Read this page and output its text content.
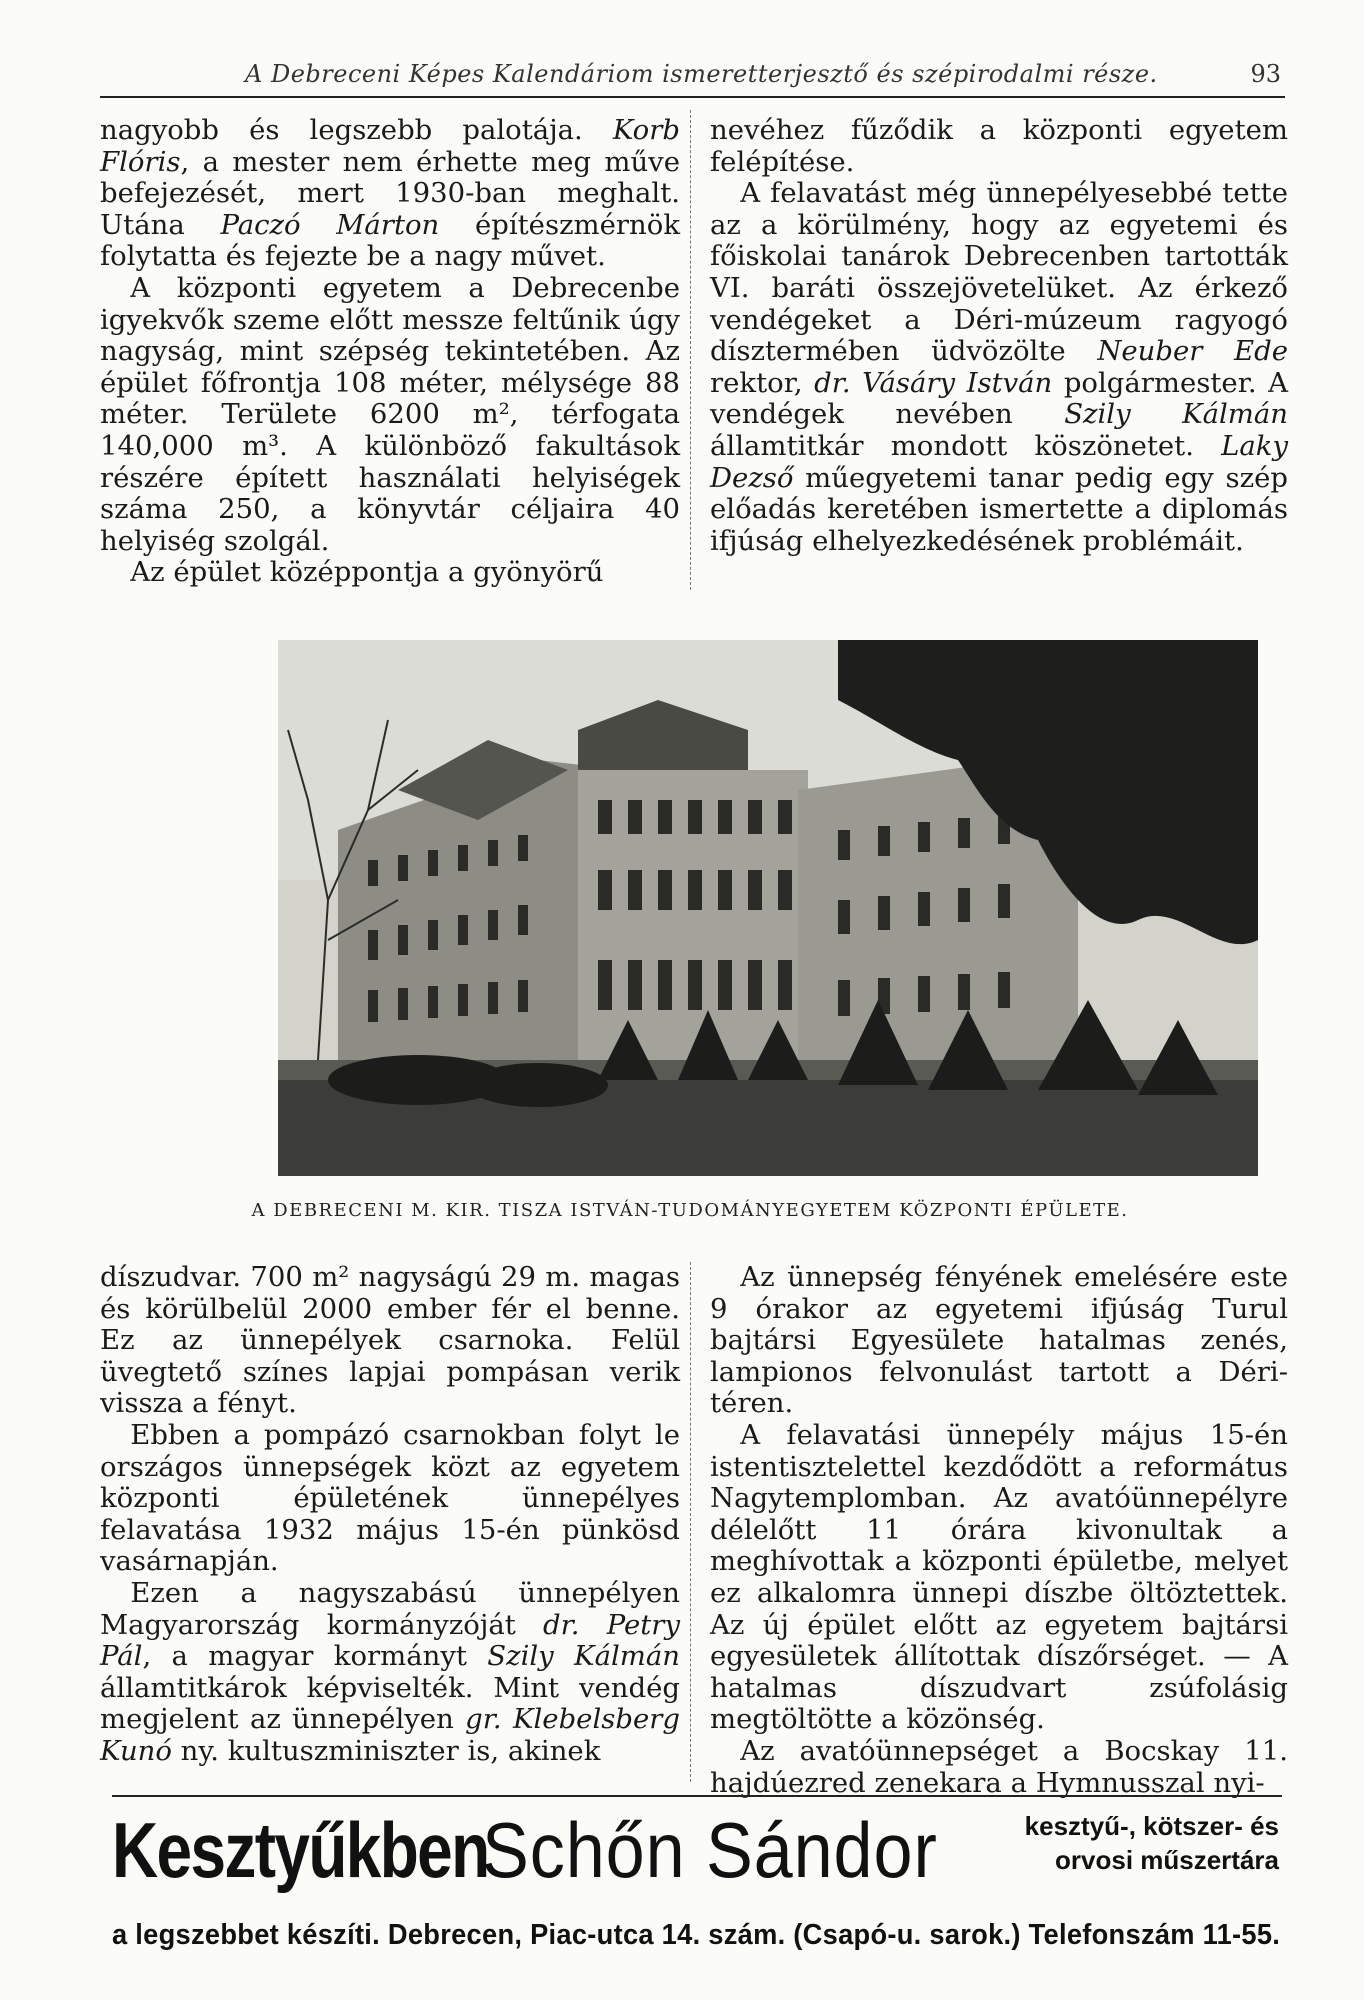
A Debreceni Képes Kalendáriom ismeretterjesztő és szépirodalmi része.	93

nagyobb és legszebb palotája. Korb Flóris, a mester nem érhette meg műve befejezését, mert 1930-ban meghalt. Utána Paczó Márton építészmérnök folytatta és fejezte be a nagy művet.

A központi egyetem a Debrecenbe igyekvők szeme előtt messze feltűnik úgy nagyság, mint szépség tekintetében. Az épület főfrontja 108 méter, mélysége 88 méter. Területe 6200 m², térfogata 140,000 m³. A különböző fakultások részére épített használati helyiségek száma 250, a könyvtár céljaira 40 helyiség szolgál.

Az épület középpontja a gyönyörű

nevéhez fűződik a központi egyetem felépítése.

A felavatást még ünnepélyesebbé tette az a körülmény, hogy az egyetemi és főiskolai tanárok Debrecenben tartották VI. baráti összejövetelüket. Az érkező vendégeket a Déri-múzeum ragyogó dísztermében üdvözölte Neuber Ede rektor, dr. Vásáry István polgármester. A vendégek nevében Szily Kálmán államtitkár mondott köszönetet. Laky Dezső műegyetemi tanar pedig egy szép előadás keretében ismertette a diplomás ifjúság elhelyezkedésének problémáit.

A DEBRECENI M. KIR. TISZA ISTVÁN-TUDOMÁNYEGYETEM KÖZPONTI ÉPÜLETE.

díszudvar. 700 m² nagyságú 29 m. magas és körülbelül 2000 ember fér el benne. Ez az ünnepélyek csarnoka. Felül üvegtető színes lapjai pompásan verik vissza a fényt.

Ebben a pompázó csarnokban folyt le országos ünnepségek közt az egyetem központi épületének ünnepélyes felavatása 1932 május 15-én pünkösd vasárnapján.

Ezen a nagyszabású ünnepélyen Magyarország kormányzóját dr. Petry Pál, a magyar kormányt Szily Kálmán államtitkárok képviselték. Mint vendég megjelent az ünnepélyen gr. Klebelsberg Kunó ny. kultuszminiszter is, akinek

Az ünnepség fényének emelésére este 9 órakor az egyetemi ifjúság Turul bajtársi Egyesülete hatalmas zenés, lampionos felvonulást tartott a Déri-téren.

A felavatási ünnepély május 15-én istentisztelettel kezdődött a református Nagytemplomban. Az avatóünnepélyre délelőtt 11 órára kivonultak a meghívottak a központi épületbe, melyet ez alkalomra ünnepi díszbe öltöztettek. Az új épület előtt az egyetem bajtársi egyesületek állítottak díszőrséget. — A hatalmas díszudvart zsúfolásig megtöltötte a közönség.

Az avatóünnepséget a Bocskay 11. hajdúezred zenekara a Hymnusszal nyi-

Kesztyűkben
Schőn Sándor	kesztyű-, kötszer- és
orvosi műszertára
a legszebbet készíti. Debrecen, Piac-utca 14. szám. (Csapó-u. sarok.) Telefonszám 11-55.
